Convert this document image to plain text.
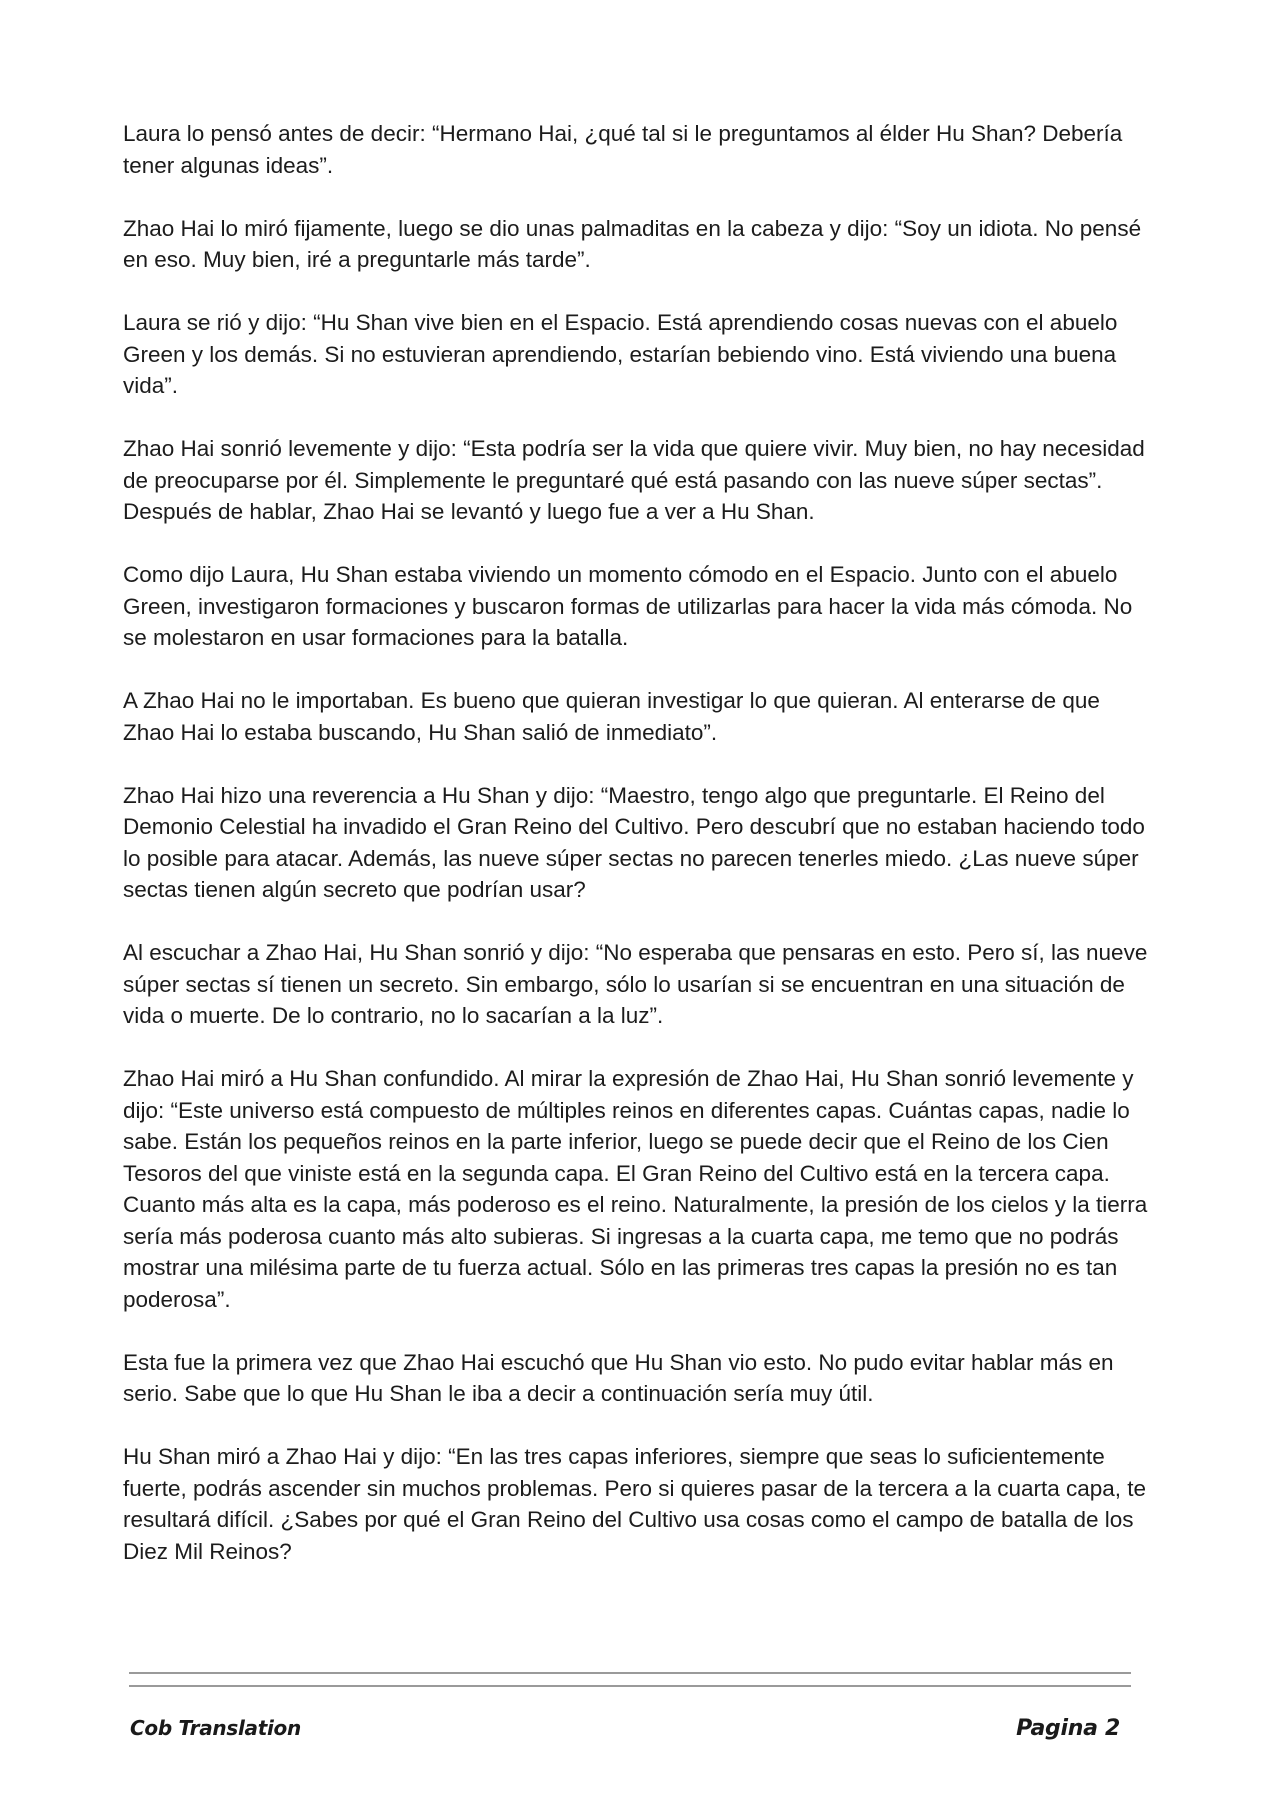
Laura lo pensó antes de decir: “Hermano Hai, ¿qué tal si le preguntamos al élder Hu Shan? Debería tener algunas ideas”.

Zhao Hai lo miró fijamente, luego se dio unas palmaditas en la cabeza y dijo: “Soy un idiota. No pensé en eso. Muy bien, iré a preguntarle más tarde”.

Laura se rió y dijo: “Hu Shan vive bien en el Espacio. Está aprendiendo cosas nuevas con el abuelo Green y los demás. Si no estuvieran aprendiendo, estarían bebiendo vino. Está viviendo una buena vida”.

Zhao Hai sonrió levemente y dijo: “Esta podría ser la vida que quiere vivir. Muy bien, no hay necesidad de preocuparse por él. Simplemente le preguntaré qué está pasando con las nueve súper sectas”. Después de hablar, Zhao Hai se levantó y luego fue a ver a Hu Shan.

Como dijo Laura, Hu Shan estaba viviendo un momento cómodo en el Espacio. Junto con el abuelo Green, investigaron formaciones y buscaron formas de utilizarlas para hacer la vida más cómoda. No se molestaron en usar formaciones para la batalla.

A Zhao Hai no le importaban. Es bueno que quieran investigar lo que quieran. Al enterarse de que Zhao Hai lo estaba buscando, Hu Shan salió de inmediato”.

Zhao Hai hizo una reverencia a Hu Shan y dijo: “Maestro, tengo algo que preguntarle. El Reino del Demonio Celestial ha invadido el Gran Reino del Cultivo. Pero descubrí que no estaban haciendo todo lo posible para atacar. Además, las nueve súper sectas no parecen tenerles miedo. ¿Las nueve súper sectas tienen algún secreto que podrían usar?

Al escuchar a Zhao Hai, Hu Shan sonrió y dijo: “No esperaba que pensaras en esto. Pero sí, las nueve súper sectas sí tienen un secreto. Sin embargo, sólo lo usarían si se encuentran en una situación de vida o muerte. De lo contrario, no lo sacarían a la luz”.

Zhao Hai miró a Hu Shan confundido. Al mirar la expresión de Zhao Hai, Hu Shan sonrió levemente y dijo: “Este universo está compuesto de múltiples reinos en diferentes capas. Cuántas capas, nadie lo sabe. Están los pequeños reinos en la parte inferior, luego se puede decir que el Reino de los Cien Tesoros del que viniste está en la segunda capa. El Gran Reino del Cultivo está en la tercera capa. Cuanto más alta es la capa, más poderoso es el reino. Naturalmente, la presión de los cielos y la tierra sería más poderosa cuanto más alto subieras. Si ingresas a la cuarta capa, me temo que no podrás mostrar una milésima parte de tu fuerza actual. Sólo en las primeras tres capas la presión no es tan poderosa”.

Esta fue la primera vez que Zhao Hai escuchó que Hu Shan vio esto. No pudo evitar hablar más en serio. Sabe que lo que Hu Shan le iba a decir a continuación sería muy útil.

Hu Shan miró a Zhao Hai y dijo: “En las tres capas inferiores, siempre que seas lo suficientemente fuerte, podrás ascender sin muchos problemas. Pero si quieres pasar de la tercera a la cuarta capa, te resultará difícil. ¿Sabes por qué el Gran Reino del Cultivo usa cosas como el campo de batalla de los Diez Mil Reinos?

Cob Translation	Pagina 2
